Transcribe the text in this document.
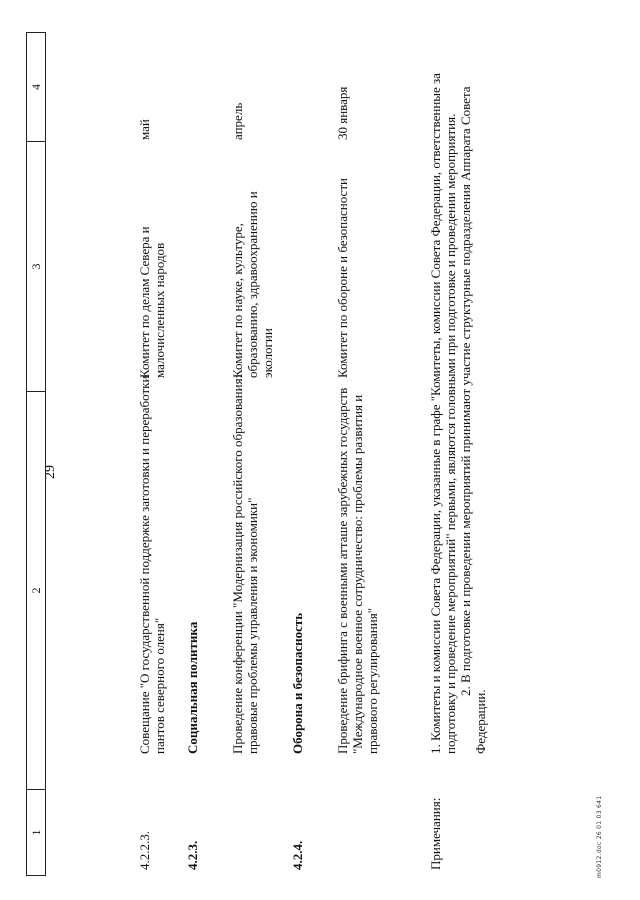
29
1
2
3
4
4.2.2.3.
Совещание "О государственной поддержке заготовки и переработки пантов северного оленя"
Комитет по делам Севера и малочисленных народов
май
4.2.3.
Социальная политика Проведение конференции "Модернизация российского образования: правовые проблемы управления и экономики"
Комитет по науке, культуре, образованию, здравоохранению и экологии
апрель
4.2.4.
Оборона и безопасность Проведение брифинга с военными атташе зарубежных государств "Международное военное сотрудничество: проблемы развития и правового регулирования"
Комитет по обороне и безопасности
30 января
Примечания:

1. Комитеты и комиссии Совета Федерации, указанные в графе "Комитеты, комиссии Совета Федерации, ответственные за подготовку и проведение мероприятий" первыми, являются головными при подготовке и проведении мероприятия. 2. В подготовке и проведении мероприятий принимают участие структурные подразделения Аппарата Совета Федерации.

m0912.doc 26 01 03 641
